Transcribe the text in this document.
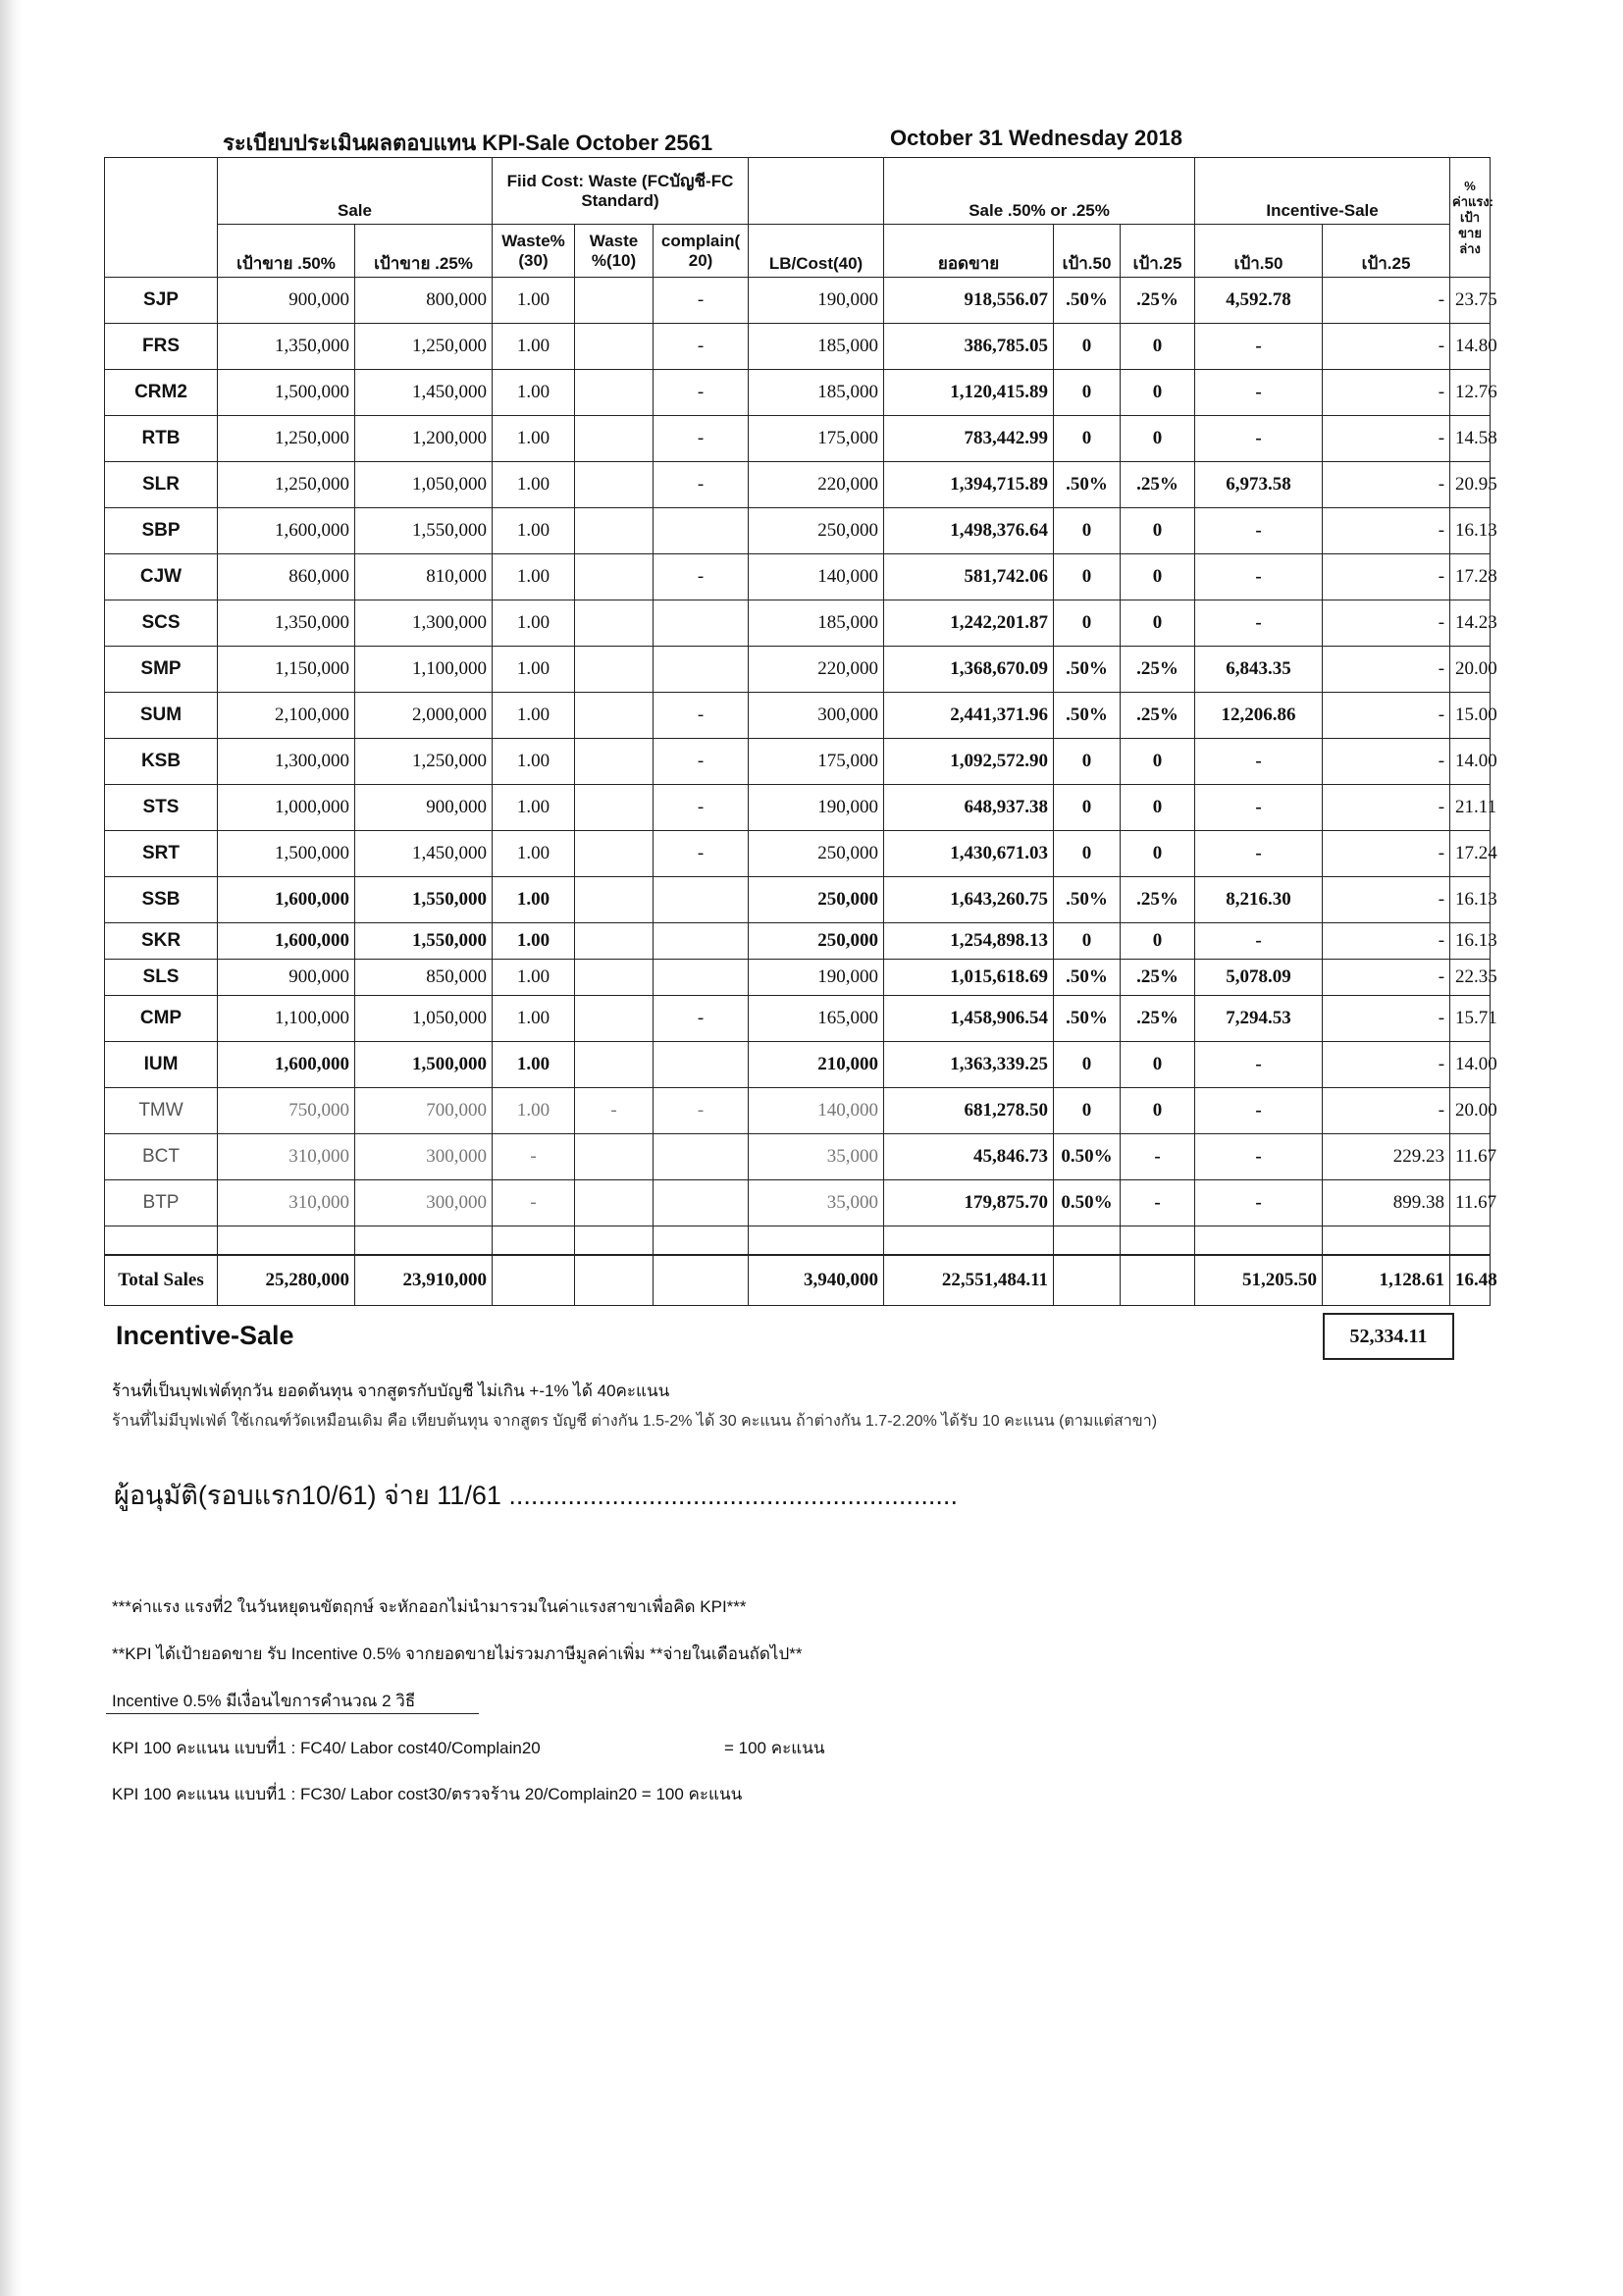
ระเบียบประเมินผลตอบแทน KPI-Sale October 2561	October 31 Wednesday 2018
	Sale		Fiid Cost: Waste (FCบัญชี-FC Standard)				Sale .50% or .25%			Incentive-Sale		% ค่าแรง: เป้าขาย ล่าง
	เป้าขาย .50%	เป้าขาย .25%	Waste% (30)	Waste %(10)	complain( 20)	LB/Cost(40)	ยอดขาย	เป้า.50	เป้า.25	เป้า.50	เป้า.25	
SJP	900,000	800,000	1.00		-	190,000	918,556.07	.50%	.25%	4,592.78	-	23.75
FRS	1,350,000	1,250,000	1.00		-	185,000	386,785.05	0	0	-	-	14.80
CRM2	1,500,000	1,450,000	1.00		-	185,000	1,120,415.89	0	0	-	-	12.76
RTB	1,250,000	1,200,000	1.00		-	175,000	783,442.99	0	0	-	-	14.58
SLR	1,250,000	1,050,000	1.00		-	220,000	1,394,715.89	.50%	.25%	6,973.58	-	20.95
SBP	1,600,000	1,550,000	1.00			250,000	1,498,376.64	0	0	-	-	16.13
CJW	860,000	810,000	1.00		-	140,000	581,742.06	0	0	-	-	17.28
SCS	1,350,000	1,300,000	1.00			185,000	1,242,201.87	0	0	-	-	14.23
SMP	1,150,000	1,100,000	1.00			220,000	1,368,670.09	.50%	.25%	6,843.35	-	20.00
SUM	2,100,000	2,000,000	1.00		-	300,000	2,441,371.96	.50%	.25%	12,206.86	-	15.00
KSB	1,300,000	1,250,000	1.00		-	175,000	1,092,572.90	0	0	-	-	14.00
STS	1,000,000	900,000	1.00		-	190,000	648,937.38	0	0	-	-	21.11
SRT	1,500,000	1,450,000	1.00		-	250,000	1,430,671.03	0	0	-	-	17.24
SSB	1,600,000	1,550,000	1.00			250,000	1,643,260.75	.50%	.25%	8,216.30	-	16.13
SKR	1,600,000	1,550,000	1.00			250,000	1,254,898.13	0	0	-	-	16.13
SLS	900,000	850,000	1.00			190,000	1,015,618.69	.50%	.25%	5,078.09	-	22.35
CMP	1,100,000	1,050,000	1.00		-	165,000	1,458,906.54	.50%	.25%	7,294.53	-	15.71
IUM	1,600,000	1,500,000	1.00			210,000	1,363,339.25	0	0	-	-	14.00
TMW	750,000	700,000	1.00	-	-	140,000	681,278.50	0	0	-	-	20.00
BCT	310,000	300,000	-			35,000	45,846.73	0.50%	-	-	229.23	11.67
BTP	310,000	300,000	-			35,000	179,875.70	0.50%	-	-	899.38	11.67

Total Sales	25,280,000	23,910,000				3,940,000	22,551,484.11			51,205.50	1,128.61	16.48
Incentive-Sale	52,334.11
ร้านที่เป็นบุฟเฟ่ต์ทุกวัน ยอดต้นทุน จากสูตรกับบัญชี ไม่เกิน +-1% ได้ 40คะแนน
ร้านที่ไม่มีบุฟเฟ่ต์ ใช้เกณฑ์วัดเหมือนเดิม คือ เทียบต้นทุน จากสูตร บัญชี ต่างกัน 1.5-2% ได้ 30 คะแนน ถ้าต่างกัน 1.7-2.20% ได้รับ 10 คะแนน (ตามแต่สาขา)
ผู้อนุมัติ(รอบแรก10/61) จ่าย 11/61 .............................................................
***ค่าแรง แรงที่2 ในวันหยุดนขัตฤกษ์ จะหักออกไม่นำมารวมในค่าแรงสาขาเพื่อคิด KPI***
**KPI ได้เป้ายอดขาย รับ Incentive 0.5% จากยอดขายไม่รวมภาษีมูลค่าเพิ่ม **จ่ายในเดือนถัดไป**
Incentive 0.5% มีเงื่อนไขการคำนวณ 2 วิธี
KPI 100 คะแนน แบบที่1 : FC40/ Labor cost40/Complain20	= 100 คะแนน
KPI 100 คะแนน แบบที่1 : FC30/ Labor cost30/ตรวจร้าน 20/Complain20 = 100 คะแนน
